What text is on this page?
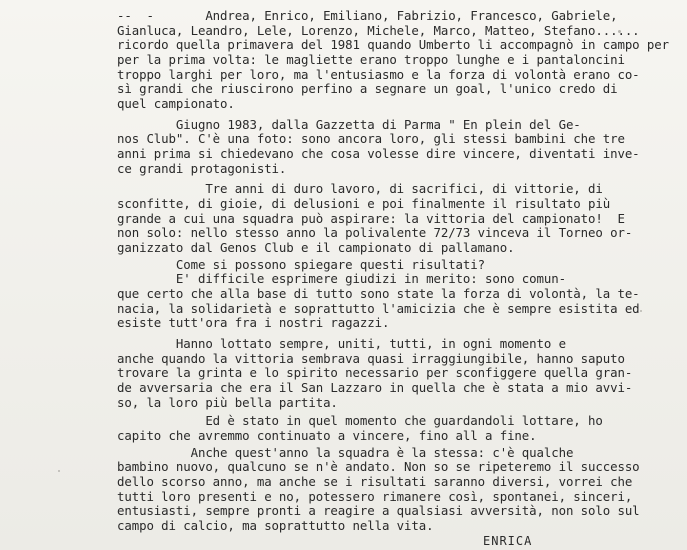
--  -       Andrea, Enrico, Emiliano, Fabrizio, Francesco, Gabriele,
Gianluca, Leandro, Lele, Lorenzo, Michele, Marco, Matteo, Stefano......
ricordo quella primavera del 1981 quando Umberto li accompagnò in campo per
per la prima volta: le magliette erano troppo lunghe e i pantaloncini
troppo larghi per loro, ma l'entusiasmo e la forza di volontà erano co-
sì grandi che riuscirono perfino a segnare un goal, l'unico credo di
quel campionato.
Giugno 1983, dalla Gazzetta di Parma " En plein del Ge-
nos Club". C'è una foto: sono ancora loro, gli stessi bambini che tre
anni prima si chiedevano che cosa volesse dire vincere, diventati inve-
ce grandi protagonisti.
Tre anni di duro lavoro, di sacrifici, di vittorie, di
sconfitte, di gioie, di delusioni e poi finalmente il risultato più
grande a cui una squadra può aspirare: la vittoria del campionato!  E
non solo: nello stesso anno la polivalente 72/73 vinceva il Torneo or-
ganizzato dal Genos Club e il campionato di pallamano.
Come si possono spiegare questi risultati?
E' difficile esprimere giudizi in merito: sono comun-
que certo che alla base di tutto sono state la forza di volontà, la te-
nacia, la solidarietà e soprattutto l'amicizia che è sempre esistita ed
esiste tutt'ora fra i nostri ragazzi.
Hanno lottato sempre, uniti, tutti, in ogni momento e
anche quando la vittoria sembrava quasi irraggiungibile, hanno saputo
trovare la grinta e lo spirito necessario per sconfiggere quella gran-
de avversaria che era il San Lazzaro in quella che è stata a mio avvi-
so, la loro più bella partita.
Ed è stato in quel momento che guardandoli lottare, ho
capito che avremmo continuato a vincere, fino all a fine.
Anche quest'anno la squadra è la stessa: c'è qualche
bambino nuovo, qualcuno se n'è andato. Non so se ripeteremo il successo
dello scorso anno, ma anche se i risultati saranno diversi, vorrei che
tutti loro presenti e no, potessero rimanere così, spontanei, sinceri,
entusiasti, sempre pronti a reagire a qualsiasi avversità, non solo sul
campo di calcio, ma soprattutto nella vita.
ENRICA
